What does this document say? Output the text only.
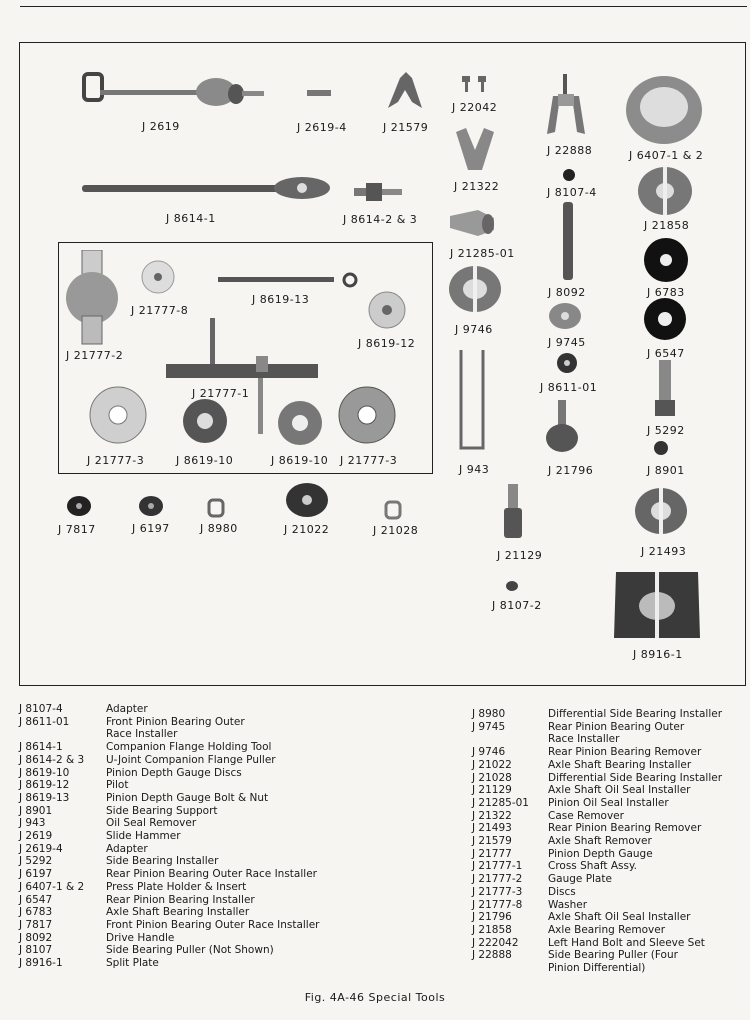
J 2619	J 2619-4	J 21579
J 22042
J 22888	J 6407-1 & 2
J 21322	J 8107-4
J 8614-1	J 8614-2 & 3	J 21858
J 21285-01
J 8092	J 6783
J 21777-8
J 8619-13
J 8619-12
J 9746
J 9745
J 21777-2	J 6547
J 21777-1	J 8611-01
J 5292
J 21777-3	J 8619-10	J 8619-10 J 21777-3
J 943	J 21796	J 8901
J 7817	J 6197	J 8980	J 21022	J 21028
J 21129	J 21493
J 8107-2
J 8916-1
J 8107-4	Adapter
J 8611-01	Front Pinion Bearing Outer
Race Installer
J 8614-1	Companion Flange Holding Tool
J 8614-2 & 3	U-Joint Companion Flange Puller
J 8619-10	Pinion Depth Gauge Discs
J 8619-12	Pilot
J 8619-13	Pinion Depth Gauge Bolt & Nut
J 8901	Side Bearing Support
J 943	Oil Seal Remover
J 2619	Slide Hammer
J 2619-4	Adapter
J 5292	Side Bearing Installer
J 6197	Rear Pinion Bearing Outer Race Installer
J 6407-1 & 2	Press Plate Holder & Insert
J 6547	Rear Pinion Bearing Installer
J 6783	Axle Shaft Bearing Installer
J 7817	Front Pinion Bearing Outer Race Installer
J 8092	Drive Handle
J 8107	Side Bearing Puller (Not Shown)
J 8916-1	Split Plate
J 8980	Differential Side Bearing Installer
J 9745	Rear Pinion Bearing Outer
Race Installer
J 9746	Rear Pinion Bearing Remover
J 21022	Axle Shaft Bearing Installer
J 21028	Differential Side Bearing Installer
J 21129	Axle Shaft Oil Seal Installer
J 21285-01	Pinion Oil Seal Installer
J 21322	Case Remover
J 21493	Rear Pinion Bearing Remover
J 21579	Axle Shaft Remover
J 21777	Pinion Depth Gauge
J 21777-1	Cross Shaft Assy.
J 21777-2	Gauge Plate
J 21777-3	Discs
J 21777-8	Washer
J 21796	Axle Shaft Oil Seal Installer
J 21858	Axle Bearing Remover
J 222042	Left Hand Bolt and Sleeve Set
J 22888	Side Bearing Puller (Four
Pinion Differential)
Fig. 4A-46 Special Tools
